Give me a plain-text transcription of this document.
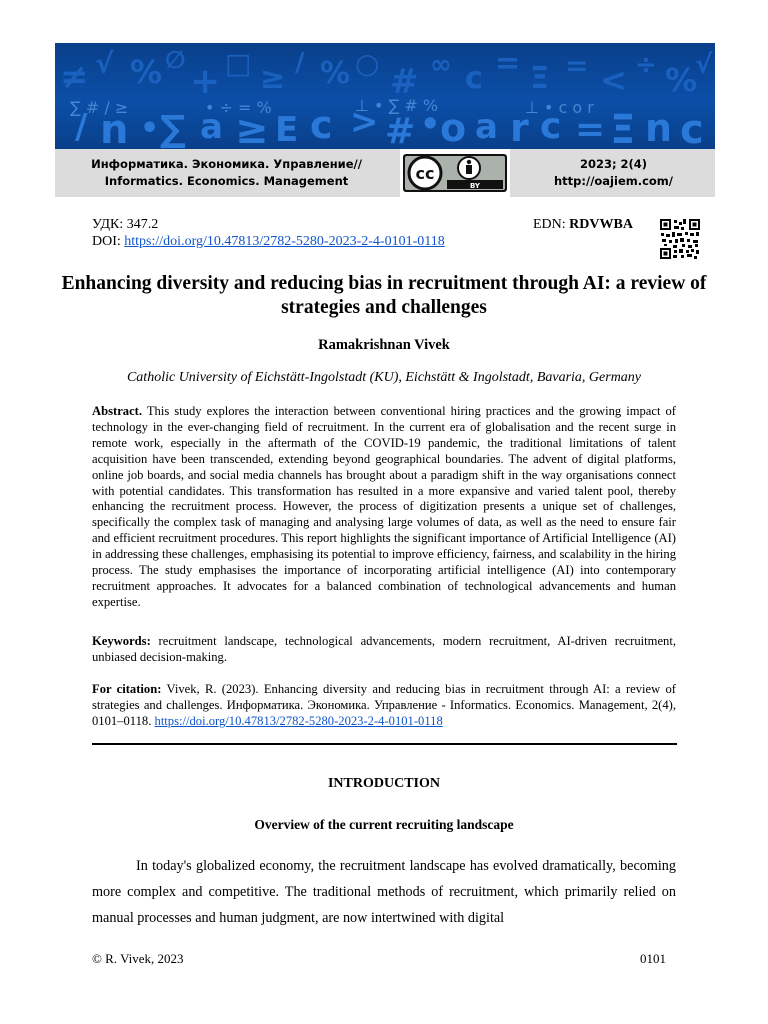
≠ √ % ∅
+ □ ≥ / % ○ # ∞ c = Ξ = < ÷ %
√
/ n • ∑ a ≥ E c > # • o a r c = Ξ n c
∑ # / ≥	• ÷ = %	⊥ • ∑ # %	⊥ • c o r
Информатика. Экономика. Управление//
Informatics. Economics. Management	cc
BY
2023; 2(4)
http://oajiem.com/
УДК: 347.2
DOI: https://doi.org/10.47813/2782-5280-2023-2-4-0101-0118
EDN: RDVWBA
Enhancing diversity and reducing bias in recruitment through AI: a review of strategies and challenges
Ramakrishnan Vivek
Catholic University of Eichstätt-Ingolstadt (KU), Eichstätt & Ingolstadt, Bavaria, Germany
Abstract. This study explores the interaction between conventional hiring practices and the growing impact of technology in the ever-changing field of recruitment. In the current era of globalisation and the recent surge in remote work, especially in the aftermath of the COVID-19 pandemic, the traditional limitations of talent acquisition have been transcended, extending beyond geographical boundaries. The advent of digital platforms, online job boards, and social media channels has brought about a paradigm shift in the way organisations connect with potential candidates. This transformation has resulted in a more expansive and varied talent pool, thereby enhancing the recruitment process. However, the process of digitization presents a unique set of challenges, specifically the complex task of managing and analysing large volumes of data, as well as the need to ensure fair and efficient recruitment procedures. This report highlights the significant importance of Artificial Intelligence (AI) in addressing these challenges, emphasising its potential to improve efficiency, fairness, and scalability in the hiring process. The study emphasises the importance of incorporating artificial intelligence (AI) into contemporary recruitment approaches. It advocates for a balanced combination of technological advancements and human expertise.
Keywords: recruitment landscape, technological advancements, modern recruitment, AI-driven recruitment, unbiased decision-making.
For citation: Vivek, R. (2023). Enhancing diversity and reducing bias in recruitment through AI: a review of strategies and challenges. Информатика. Экономика. Управление - Informatics. Economics. Management, 2(4), 0101–0118. https://doi.org/10.47813/2782-5280-2023-2-4-0101-0118
INTRODUCTION
Overview of the current recruiting landscape
In today's globalized economy, the recruitment landscape has evolved dramatically, becoming more complex and competitive. The traditional methods of recruitment, which primarily relied on manual processes and human judgment, are now intertwined with digital
© R. Vivek, 2023	0101
